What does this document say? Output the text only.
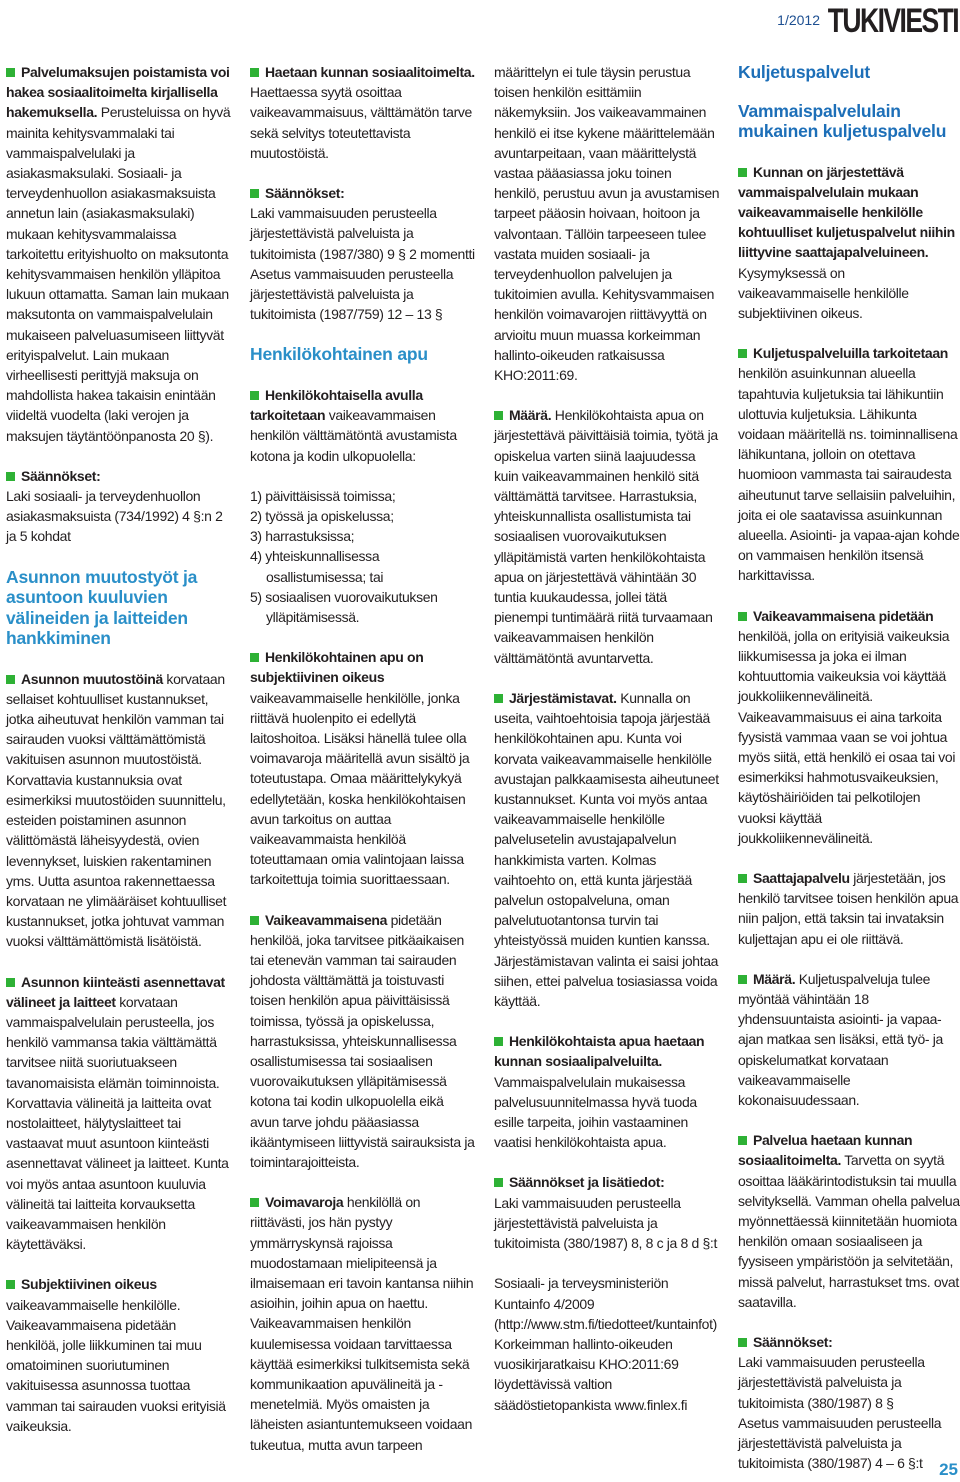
1/2012 TUKIVIESTI

Palvelumaksujen poistamista voi hakea sosiaalitoimelta kirjallisella hakemuksella. Perusteluissa on hyvä mainita kehitysvammalaki tai vammaispalvelulaki ja asiakasmaksulaki. Sosiaali- ja terveydenhuollon asiakasmaksuista annetun lain (asiakasmaksulaki) mukaan kehitysvammalaissa tarkoitettu erityishuolto on maksutonta kehitysvammaisen henkilön ylläpitoa lukuun ottamatta. Saman lain mukaan maksutonta on vammaispalvelulain mukaiseen palveluasumiseen liittyvät erityispalvelut. Lain mukaan virheellisesti perittyjä maksuja on mahdollista hakea takaisin enintään viideltä vuodelta (laki verojen ja maksujen täytäntöönpanosta 20 §).

Säännökset:
Laki sosiaali- ja terveydenhuollon asiakasmaksuista (734/1992) 4 §:n 2 ja 5 kohdat

Asunnon muutostyöt ja asuntoon kuuluvien välineiden ja laitteiden hankkiminen

Asunnon muutostöinä korvataan sellaiset kohtuulliset kustannukset, jotka aiheutuvat henkilön vamman tai sairauden vuoksi välttämättömistä vakituisen asunnon muutostöistä. Korvattavia kustannuksia ovat esimerkiksi muutostöiden suunnittelu, esteiden poistaminen asunnon välittömästä läheisyydestä, ovien levennykset, luiskien rakentaminen yms. Uutta asuntoa rakennettaessa korvataan ne ylimääräiset kohtuulliset kustannukset, jotka johtuvat vamman vuoksi välttämättömistä lisätöistä.

Asunnon kiinteästi asennettavat välineet ja laitteet korvataan vammaispalvelulain perusteella, jos henkilö vammansa takia välttämättä tarvitsee niitä suoriutuakseen tavanomaisista elämän toiminnoista. Korvattavia välineitä ja laitteita ovat nostolaitteet, hälytyslaitteet tai vastaavat muut asuntoon kiinteästi asennettavat välineet ja laitteet. Kunta voi myös antaa asuntoon kuuluvia välineitä tai laitteita korvauksetta vaikeavammaisen henkilön käytettäväksi.

Subjektiivinen oikeus vaikeavammaiselle henkilölle. Vaikeavammaisena pidetään henkilöä, jolle liikkuminen tai muu omatoiminen suoriutuminen vakituisessa asunnossa tuottaa vamman tai sairauden vuoksi erityisiä vaikeuksia.

Haetaan kunnan sosiaalitoimelta. Haettaessa syytä osoittaa vaikeavammaisuus, välttämätön tarve sekä selvitys toteutettavista muutostöistä.

Säännökset:
Laki vammaisuuden perusteella järjestettävistä palveluista ja tukitoimista (1987/380) 9 § 2 momentti
Asetus vammaisuuden perusteella järjestettävistä palveluista ja tukitoimista (1987/759) 12 – 13 §

Henkilökohtainen apu

Henkilökohtaisella avulla tarkoitetaan vaikeavammaisen henkilön välttämätöntä avustamista kotona ja kodin ulkopuolella:

1) päivittäisissä toimissa;
2) työssä ja opiskelussa;
3) harrastuksissa;
4) yhteiskunnallisessa osallistumisessa; tai
5) sosiaalisen vuorovaikutuksen ylläpitämisessä.

Henkilökohtainen apu on subjektiivinen oikeus vaikeavammaiselle henkilölle, jonka riittävä huolenpito ei edellytä laitoshoitoa. Lisäksi hänellä tulee olla voimavaroja määritellä avun sisältö ja toteutustapa. Omaa määrittelykykyä edellytetään, koska henkilökohtaisen avun tarkoitus on auttaa vaikeavammaista henkilöä toteuttamaan omia valintojaan laissa tarkoitettuja toimia suorittaessaan.

Vaikeavammaisena pidetään henkilöä, joka tarvitsee pitkäaikaisen tai etenevän vamman tai sairauden johdosta välttämättä ja toistuvasti toisen henkilön apua päivittäisissä toimissa, työssä ja opiskelussa, harrastuksissa, yhteiskunnallisessa osallistumisessa tai sosiaalisen vuorovaikutuksen ylläpitämisessä kotona tai kodin ulkopuolella eikä avun tarve johdu pääasiassa ikääntymiseen liittyvistä sairauksista ja toimintarajoitteista.

Voimavaroja henkilöllä on riittävästi, jos hän pystyy ymmärryskynsä rajoissa muodostamaan mielipiteensä ja ilmaisemaan eri tavoin kantansa niihin asioihin, joihin apua on haettu. Vaikeavammaisen henkilön kuulemisessa voidaan tarvittaessa käyttää esimerkiksi tulkitsemista sekä kommunikaation apuvälineitä ja -menetelmiä. Myös omaisten ja läheisten asiantuntemukseen voidaan tukeutua, mutta avun tarpeen

määrittelyn ei tule täysin perustua toisen henkilön esittämiin näkemyksiin. Jos vaikeavammainen henkilö ei itse kykene määrittelemään avuntarpeitaan, vaan määrittelystä vastaa pääasiassa joku toinen henkilö, perustuu avun ja avustamisen tarpeet pääosin hoivaan, hoitoon ja valvontaan. Tällöin tarpeeseen tulee vastata muiden sosiaali- ja terveydenhuollon palvelujen ja tukitoimien avulla. Kehitysvammaisen henkilön voimavarojen riittävyyttä on arvioitu muun muassa korkeimman hallinto-oikeuden ratkaisussa KHO:2011:69.

Määrä. Henkilökohtaista apua on järjestettävä päivittäisiä toimia, työtä ja opiskelua varten siinä laajuudessa kuin vaikeavammainen henkilö sitä välttämättä tarvitsee. Harrastuksia, yhteiskunnallista osallistumista tai sosiaalisen vuorovaikutuksen ylläpitämistä varten henkilökohtaista apua on järjestettävä vähintään 30 tuntia kuukaudessa, jollei tätä pienempi tuntimäärä riitä turvaamaan vaikeavammaisen henkilön välttämätöntä avuntarvetta.

Järjestämistavat. Kunnalla on useita, vaihtoehtoisia tapoja järjestää henkilökohtainen apu. Kunta voi korvata vaikeavammaiselle henkilölle avustajan palkkaamisesta aiheutuneet kustannukset. Kunta voi myös antaa vaikeavammaiselle henkilölle palvelusetelin avustajapalvelun hankkimista varten. Kolmas vaihtoehto on, että kunta järjestää palvelun ostopalveluna, oman palvelutuotantonsa turvin tai yhteistyössä muiden kuntien kanssa. Järjestämistavan valinta ei saisi johtaa siihen, ettei palvelua tosiasiassa voida käyttää.

Henkilökohtaista apua haetaan kunnan sosiaalipalveluilta. Vammaispalvelulain mukaisessa palvelusuunnitelmassa hyvä tuoda esille tarpeita, joihin vastaaminen vaatisi henkilökohtaista apua.

Säännökset ja lisätiedot:
Laki vammaisuuden perusteella järjestettävistä palveluista ja tukitoimista (380/1987) 8, 8 c ja 8 d §:t

Sosiaali- ja terveysministeriön Kuntainfo 4/2009 (http://www.stm.fi/tiedotteet/kuntainfot)
Korkeimman hallinto-oikeuden vuosikirjaratkaisu KHO:2011:69 löydettävissä valtion säädöstietopankista www.finlex.fi

Kuljetuspalvelut
Vammaispalvelulain mukainen kuljetuspalvelu

Kunnan on järjestettävä vammaispalvelulain mukaan vaikeavammaiselle henkilölle kohtuulliset kuljetuspalvelut niihin liittyvine saattajapalveluineen. Kysymyksessä on vaikeavammaiselle henkilölle subjektiivinen oikeus.

Kuljetuspalveluilla tarkoitetaan henkilön asuinkunnan alueella tapahtuvia kuljetuksia tai lähikuntiin ulottuvia kuljetuksia. Lähikunta voidaan määritellä ns. toiminnallisena lähikuntana, jolloin on otettava huomioon vammasta tai sairaudesta aiheutunut tarve sellaisiin palveluihin, joita ei ole saatavissa asuinkunnan alueella. Asiointi- ja vapaa-ajan kohde on vammaisen henkilön itsensä harkittavissa.

Vaikeavammaisena pidetään henkilöä, jolla on erityisiä vaikeuksia liikkumisessa ja joka ei ilman kohtuuttomia vaikeuksia voi käyttää joukkoliikennevälineitä. Vaikeavammaisuus ei aina tarkoita fyysistä vammaa vaan se voi johtua myös siitä, että henkilö ei osaa tai voi esimerkiksi hahmotusvaikeuksien, käytöshäiriöiden tai pelkotilojen vuoksi käyttää joukkoliikennevälineitä.

Saattajapalvelu järjestetään, jos henkilö tarvitsee toisen henkilön apua niin paljon, että taksin tai invataksin kuljettajan apu ei ole riittävä.

Määrä. Kuljetuspalveluja tulee myöntää vähintään 18 yhdensuuntaista asiointi- ja vapaa-ajan matkaa sen lisäksi, että työ- ja opiskelumatkat korvataan vaikeavammaiselle kokonaisuudessaan.

Palvelua haetaan kunnan sosiaalitoimelta. Tarvetta on syytä osoittaa lääkärintodistuksin tai muulla selvityksellä. Vamman ohella palvelua myönnettäessä kiinnitetään huomiota henkilön omaan sosiaaliseen ja fyysiseen ympäristöön ja selvitetään, missä palvelut, harrastukset tms. ovat saatavilla.

Säännökset:
Laki vammaisuuden perusteella järjestettävistä palveluista ja tukitoimista (380/1987) 8 §
Asetus vammaisuuden perusteella järjestettävistä palveluista ja tukitoimista (380/1987) 4 – 6 §:t 25
